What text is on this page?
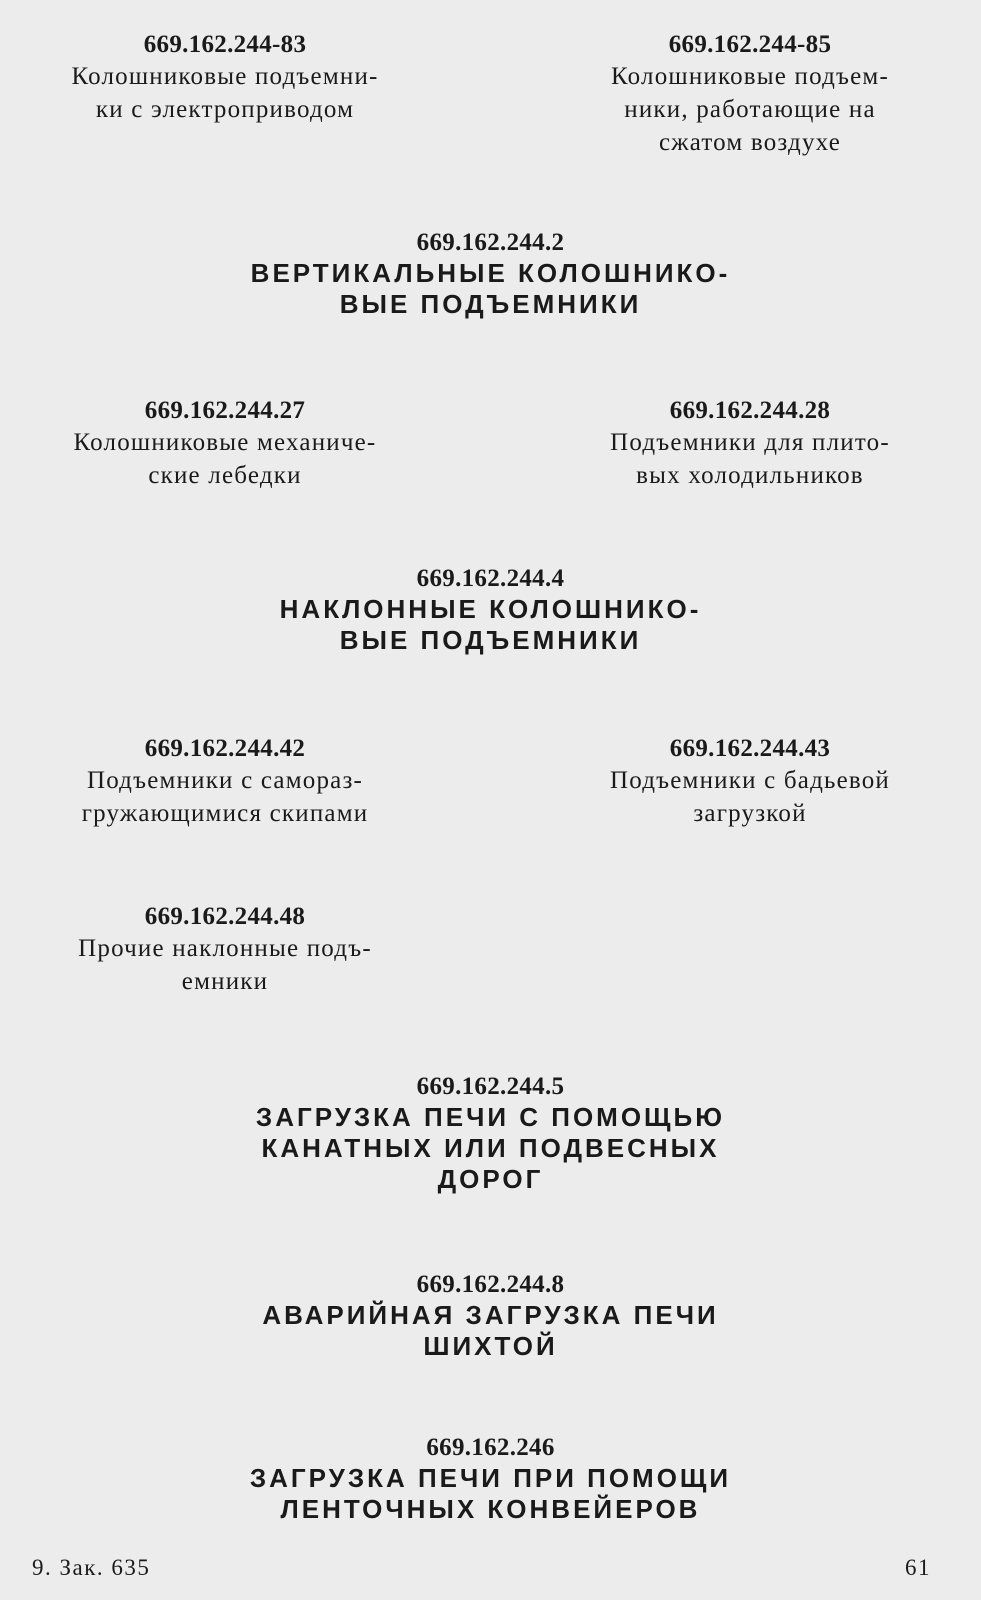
669.162.244-83
Колошниковые подъемни-
ки с электроприводом
669.162.244-85
Колошниковые подъем-
ники, работающие на
сжатом воздухе
669.162.244.2
ВЕРТИКАЛЬНЫЕ КОЛОШНИКО-
ВЫЕ ПОДЪЕМНИКИ
669.162.244.27
Колошниковые механиче-
ские лебедки
669.162.244.28
Подъемники для плито-
вых холодильников
669.162.244.4
НАКЛОННЫЕ КОЛОШНИКО-
ВЫЕ ПОДЪЕМНИКИ
669.162.244.42
Подъемники с самораз-
гружающимися скипами
669.162.244.43
Подъемники с бадьевой
загрузкой
669.162.244.48
Прочие наклонные подъ-
емники
669.162.244.5
ЗАГРУЗКА ПЕЧИ С ПОМОЩЬЮ
КАНАТНЫХ ИЛИ ПОДВЕСНЫХ
ДОРОГ
669.162.244.8
АВАРИЙНАЯ ЗАГРУЗКА ПЕЧИ
ШИХТОЙ
669.162.246
ЗАГРУЗКА ПЕЧИ ПРИ ПОМОЩИ
ЛЕНТОЧНЫХ КОНВЕЙЕРОВ
9. Зак. 635	61
